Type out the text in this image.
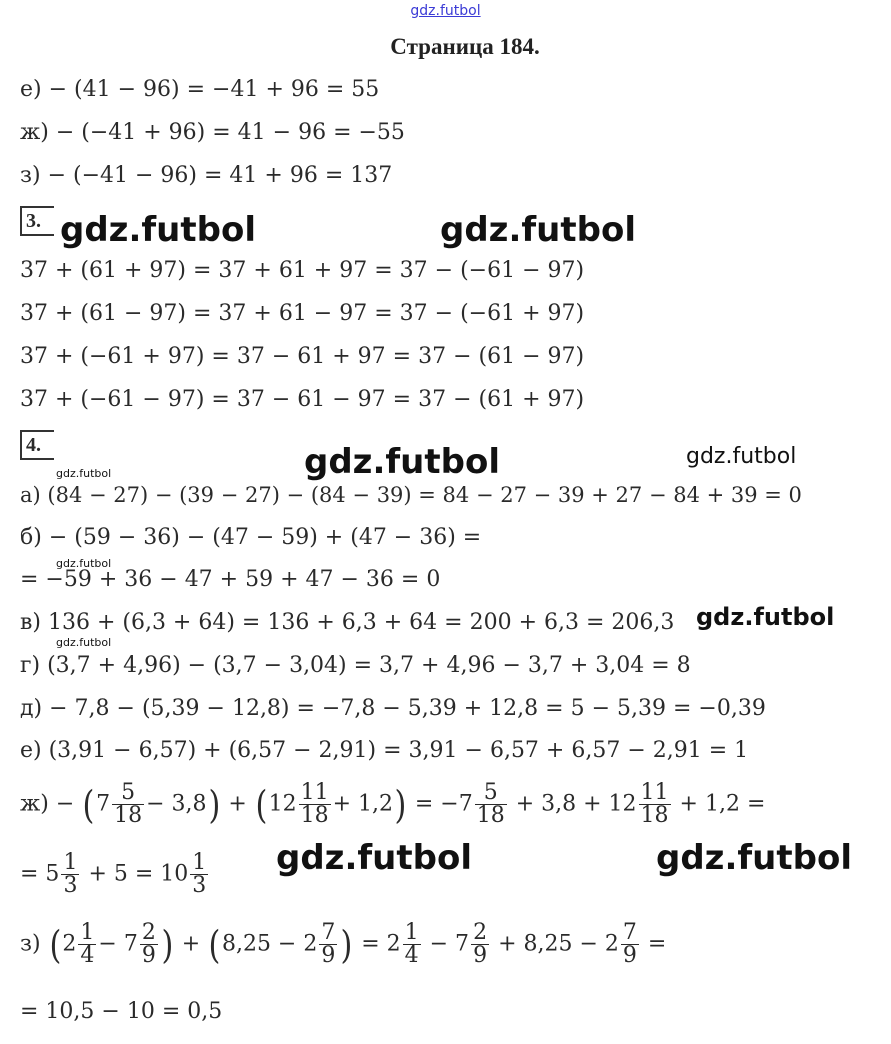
gdz.futbol
Страница 184.
е) − (41 − 96) = −41 + 96 = 55
ж) − (−41 + 96) = 41 − 96 = −55
з) − (−41 − 96) = 41 + 96 = 137
3. gdz.futbol	gdz.futbol
37 + (61 + 97) = 37 + 61 + 97 = 37 − (−61 − 97)
37 + (61 − 97) = 37 + 61 − 97 = 37 − (−61 + 97)
37 + (−61 + 97) = 37 − 61 + 97 = 37 − (61 − 97)
37 + (−61 − 97) = 37 − 61 − 97 = 37 − (61 + 97)
4.	gdz.futbol	gdz.futbol
gdz.futbol
а) (84 − 27) − (39 − 27) − (84 − 39) = 84 − 27 − 39 + 27 − 84 + 39 = 0
б) − (59 − 36) − (47 − 59) + (47 − 36) =
gdz.futbol
= −59 + 36 − 47 + 59 + 47 − 36 = 0
в) 136 + (6,3 + 64) = 136 + 6,3 + 64 = 200 + 6,3 = 206,3 gdz.futbol
gdz.futbol
г) (3,7 + 4,96) − (3,7 − 3,04) = 3,7 + 4,96 − 3,7 + 3,04 = 8
д) − 7,8 − (5,39 − 12,8) = −7,8 − 5,39 + 12,8 = 5 − 5,39 = −0,39
е) (3,91 − 6,57) + (6,57 − 2,91) = 3,91 − 6,57 + 6,57 − 2,91 = 1
$ж) - (7 \frac{5}{18} - 3,8) + (12 \frac{11}{18} + 1,2) = -7 \frac{5}{18} + 3,8 + 12 \frac{11}{18} + 1,2$ =
gdz.futbol	gdz.futbol
= $5 \frac{1}{3} + 5 = 10 \frac{1}{3}$
з) ($2 \frac{1}{4} - 7 \frac{2}{9}$ ) + ($8,25 - 2 \frac{7}{9}$ ) = $2 \frac{1}{4} - 7 \frac{2}{9} + 8,25 - 2 \frac{7}{9}$ =
= 10,5 − 10 = 0,5
